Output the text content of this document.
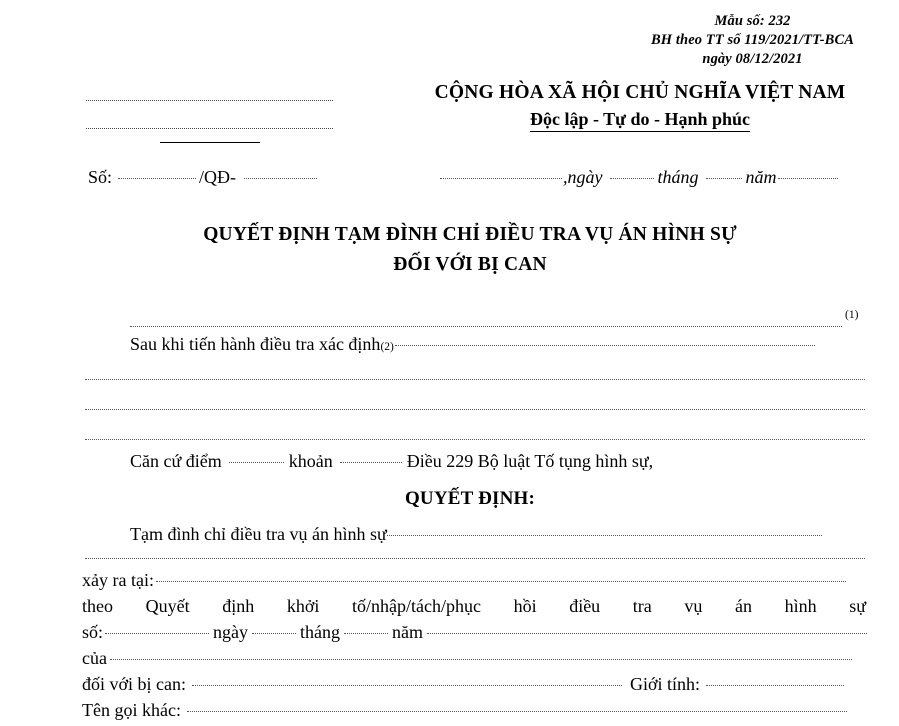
Mẫu số: 232
BH theo TT số 119/2021/TT-BCA
ngày 08/12/2021
CỘNG HÒA XÃ HỘI CHỦ NGHĨA VIỆT NAM
Độc lập - Tự do - Hạnh phúc
Số:	/QĐ-	, ngày	tháng	năm
QUYẾT ĐỊNH TẠM ĐÌNH CHỈ ĐIỀU TRA VỤ ÁN HÌNH SỰ
ĐỐI VỚI BỊ CAN
(1)
Sau khi tiến hành điều tra xác định (2)
Căn cứ điểm	khoản	Điều 229 Bộ luật Tố tụng hình sự,
QUYẾT ĐỊNH:
Tạm đình chỉ điều tra vụ án hình sự
xảy ra tại:
theo Quyết định khởi tố/nhập/tách/phục hồi điều tra vụ án hình sự
số:	ngày	tháng	năm
của
đối với bị can:	Giới tính:
Tên gọi khác:
